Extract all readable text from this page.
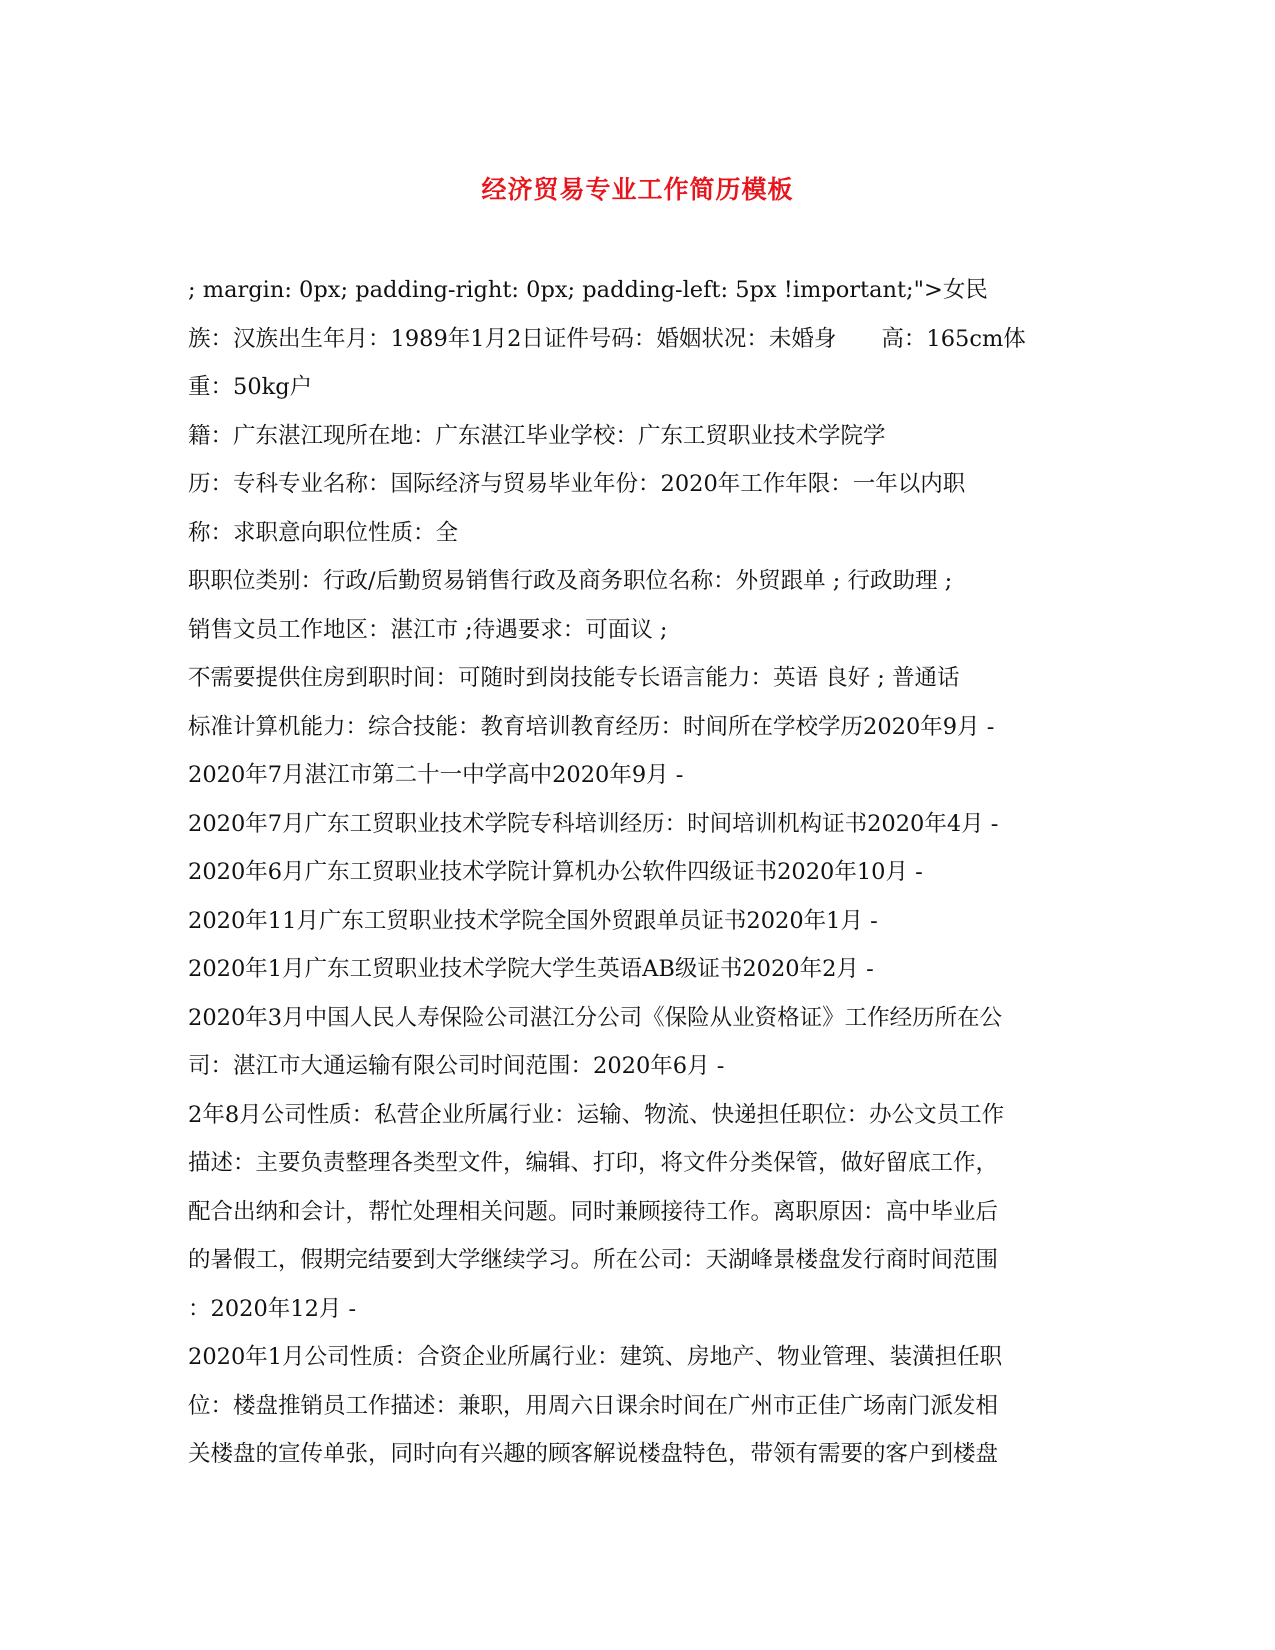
经济贸易专业工作简历模板
; margin: 0px; padding-right: 0px; padding-left: 5px !important;">女民
族：汉族出生年月：1989年1月2日证件号码：婚姻状况：未婚身　　高：165cm体
重：50kg户
籍：广东湛江现所在地：广东湛江毕业学校：广东工贸职业技术学院学
历：专科专业名称：国际经济与贸易毕业年份：2020年工作年限：一年以内职
称：求职意向职位性质：全
职职位类别：行政/后勤贸易销售行政及商务职位名称：外贸跟单 ; 行政助理 ;
销售文员工作地区：湛江市 ;待遇要求：可面议 ;
不需要提供住房到职时间：可随时到岗技能专长语言能力：英语 良好 ; 普通话
标准计算机能力：综合技能：教育培训教育经历：时间所在学校学历2020年9月 -
2020年7月湛江市第二十一中学高中2020年9月 -
2020年7月广东工贸职业技术学院专科培训经历：时间培训机构证书2020年4月 -
2020年6月广东工贸职业技术学院计算机办公软件四级证书2020年10月 -
2020年11月广东工贸职业技术学院全国外贸跟单员证书2020年1月 -
2020年1月广东工贸职业技术学院大学生英语AB级证书2020年2月 -
2020年3月中国人民人寿保险公司湛江分公司《保险从业资格证》工作经历所在公
司：湛江市大通运输有限公司时间范围：2020年6月 -
2年8月公司性质：私营企业所属行业：运输、物流、快递担任职位：办公文员工作
描述：主要负责整理各类型文件，编辑、打印，将文件分类保管，做好留底工作，
配合出纳和会计，帮忙处理相关问题。同时兼顾接待工作。离职原因：高中毕业后
的暑假工，假期完结要到大学继续学习。所在公司：天湖峰景楼盘发行商时间范围
：2020年12月 -
2020年1月公司性质：合资企业所属行业：建筑、房地产、物业管理、装潢担任职
位：楼盘推销员工作描述：兼职，用周六日课余时间在广州市正佳广场南门派发相
关楼盘的宣传单张，同时向有兴趣的顾客解说楼盘特色，带领有需要的客户到楼盘
